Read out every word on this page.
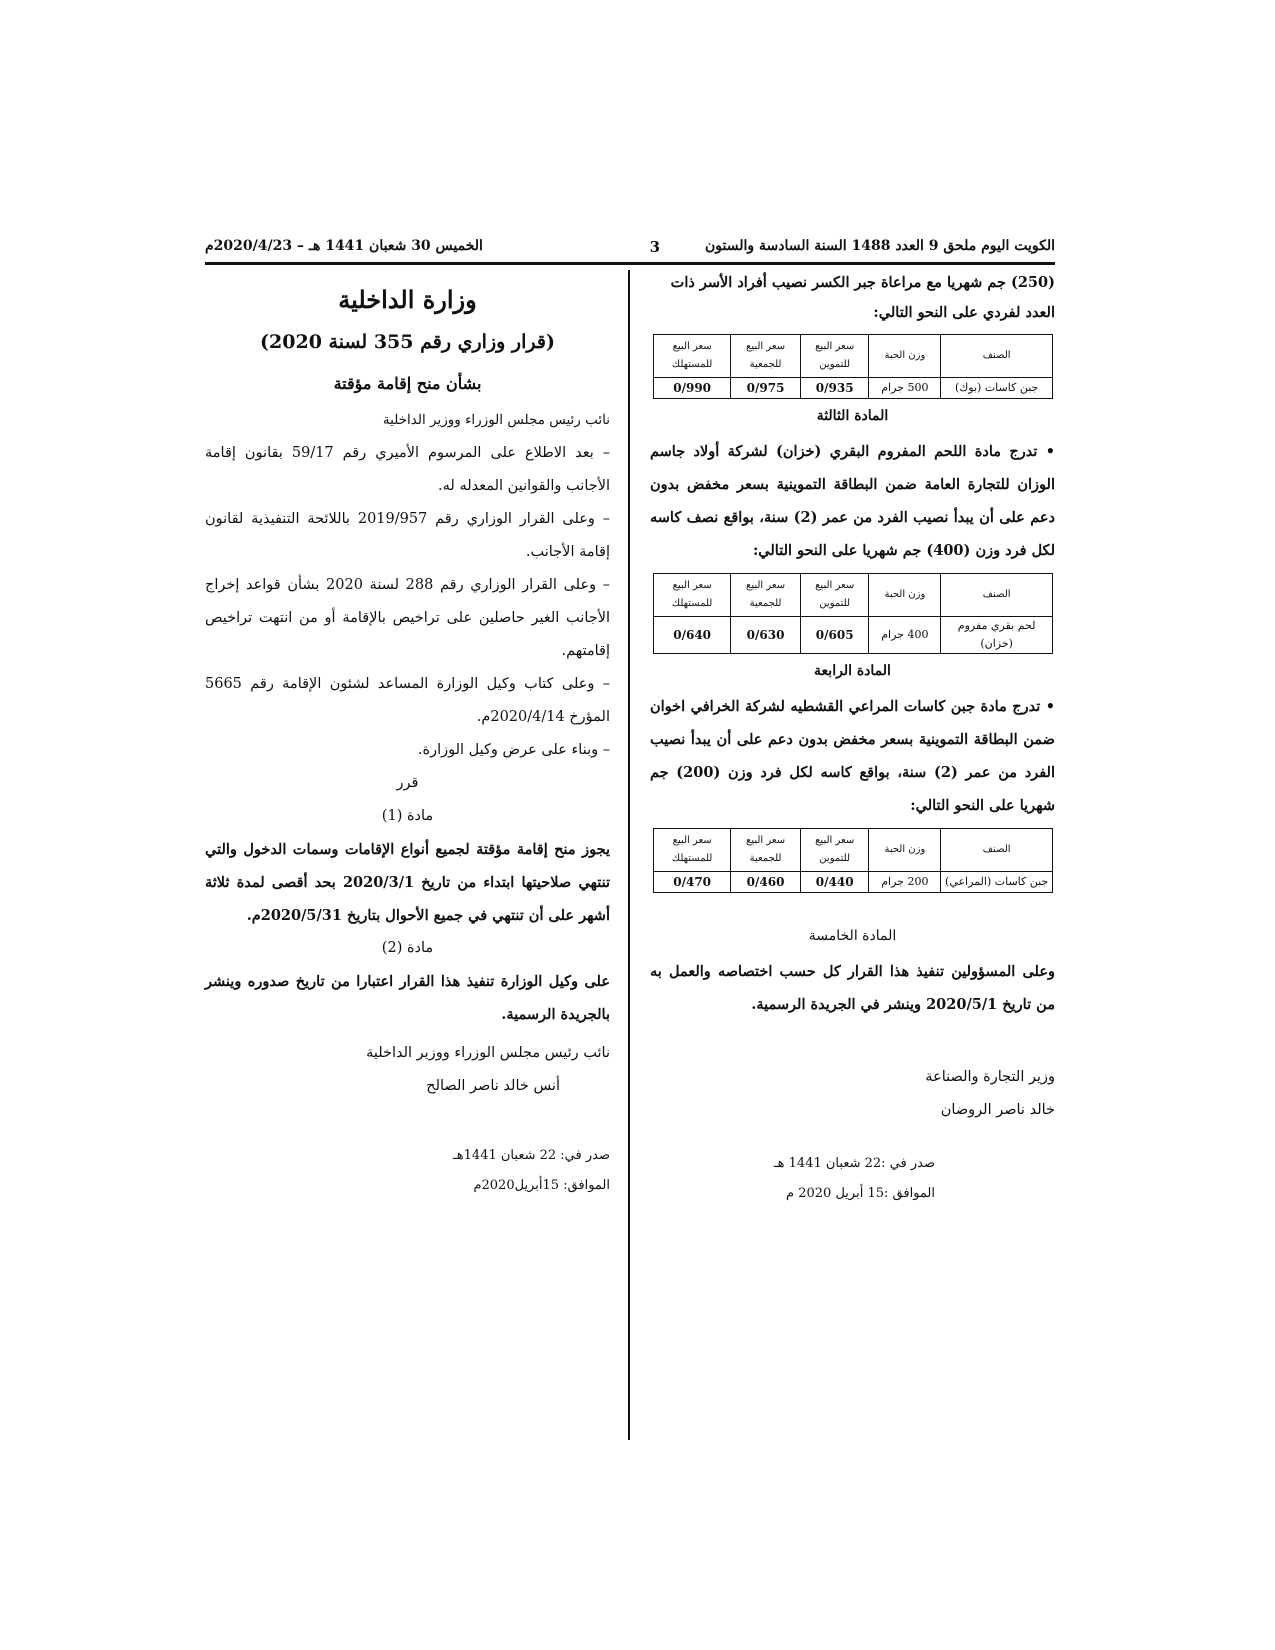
الكويت اليوم ملحق 9 العدد 1488 السنة السادسة والستون
3
الخميس 30 شعبان 1441 هـ – 2020/4/23م

(250) جم شهريا مع مراعاة جبر الكسر نصيب أفراد الأسر ذات

العدد لفردي على النحو التالي:

الصنف	وزن الحبة	سعر البيع للتموين	سعر البيع للجمعية	سعر البيع للمستهلك
جبن كاسات (بوك)	500 جرام	0/935	0/975	0/990

المادة الثالثة

• تدرج مادة اللحم المفروم البقري (خزان) لشركة أولاد جاسم الوزان للتجارة العامة ضمن البطاقة التموينية بسعر مخفض بدون دعم على أن يبدأ نصيب الفرد من عمر (2) سنة، بواقع نصف كاسه لكل فرد وزن (400) جم شهريا على النحو التالي:

الصنف	وزن الحبة	سعر البيع للتموين	سعر البيع للجمعية	سعر البيع للمستهلك
لحم بقري مفروم (خزان)	400 جرام	0/605	0/630	0/640

المادة الرابعة

• تدرج مادة جبن كاسات المراعي القشطيه لشركة الخرافي اخوان ضمن البطاقة التموينية بسعر مخفض بدون دعم على أن يبدأ نصيب الفرد من عمر (2) سنة، بواقع كاسه لكل فرد وزن (200) جم شهريا على النحو التالي:

الصنف	وزن الحبة	سعر البيع للتموين	سعر البيع للجمعية	سعر البيع للمستهلك
جبن كاسات (المراعي)	200 جرام	0/440	0/460	0/470

المادة الخامسة

وعلى المسؤولين تنفيذ هذا القرار كل حسب اختصاصه والعمل به من تاريخ 2020/5/1 وينشر في الجريدة الرسمية.

وزير التجارة والصناعة

خالد ناصر الروضان

صدر في :22 شعبان 1441 هـ

الموافق :15 أبريل 2020 م

وزارة الداخلية

(قرار وزاري رقم 355 لسنة 2020)

بشأن منح إقامة مؤقتة

نائب رئيس مجلس الوزراء ووزير الداخلية

– بعد الاطلاع على المرسوم الأميري رقم 59/17 بقانون إقامة الأجانب والقوانين المعدله له.

– وعلى القرار الوزاري رقم 2019/957 باللائحة التنفيذية لقانون إقامة الأجانب.

– وعلى القرار الوزاري رقم 288 لسنة 2020 بشأن قواعد إخراج الأجانب الغير حاصلين على تراخيص بالإقامة أو من انتهت تراخيص إقامتهم.

– وعلى كتاب وكيل الوزارة المساعد لشئون الإقامة رقم 5665 المؤرخ 2020/4/14م.

– وبناء على عرض وكيل الوزارة.

قرر

مادة (1)

يجوز منح إقامة مؤقتة لجميع أنواع الإقامات وسمات الدخول والتي تنتهي صلاحيتها ابتداء من تاريخ 2020/3/1 بحد أقصى لمدة ثلاثة أشهر على أن تنتهي في جميع الأحوال بتاريخ 2020/5/31م.

مادة (2)

على وكيل الوزارة تنفيذ هذا القرار اعتبارا من تاريخ صدوره وينشر بالجريدة الرسمية.

نائب رئيس مجلس الوزراء ووزير الداخلية

أنس خالد ناصر الصالح

صدر في: 22 شعبان 1441هـ

الموافق: 15أبريل2020م
